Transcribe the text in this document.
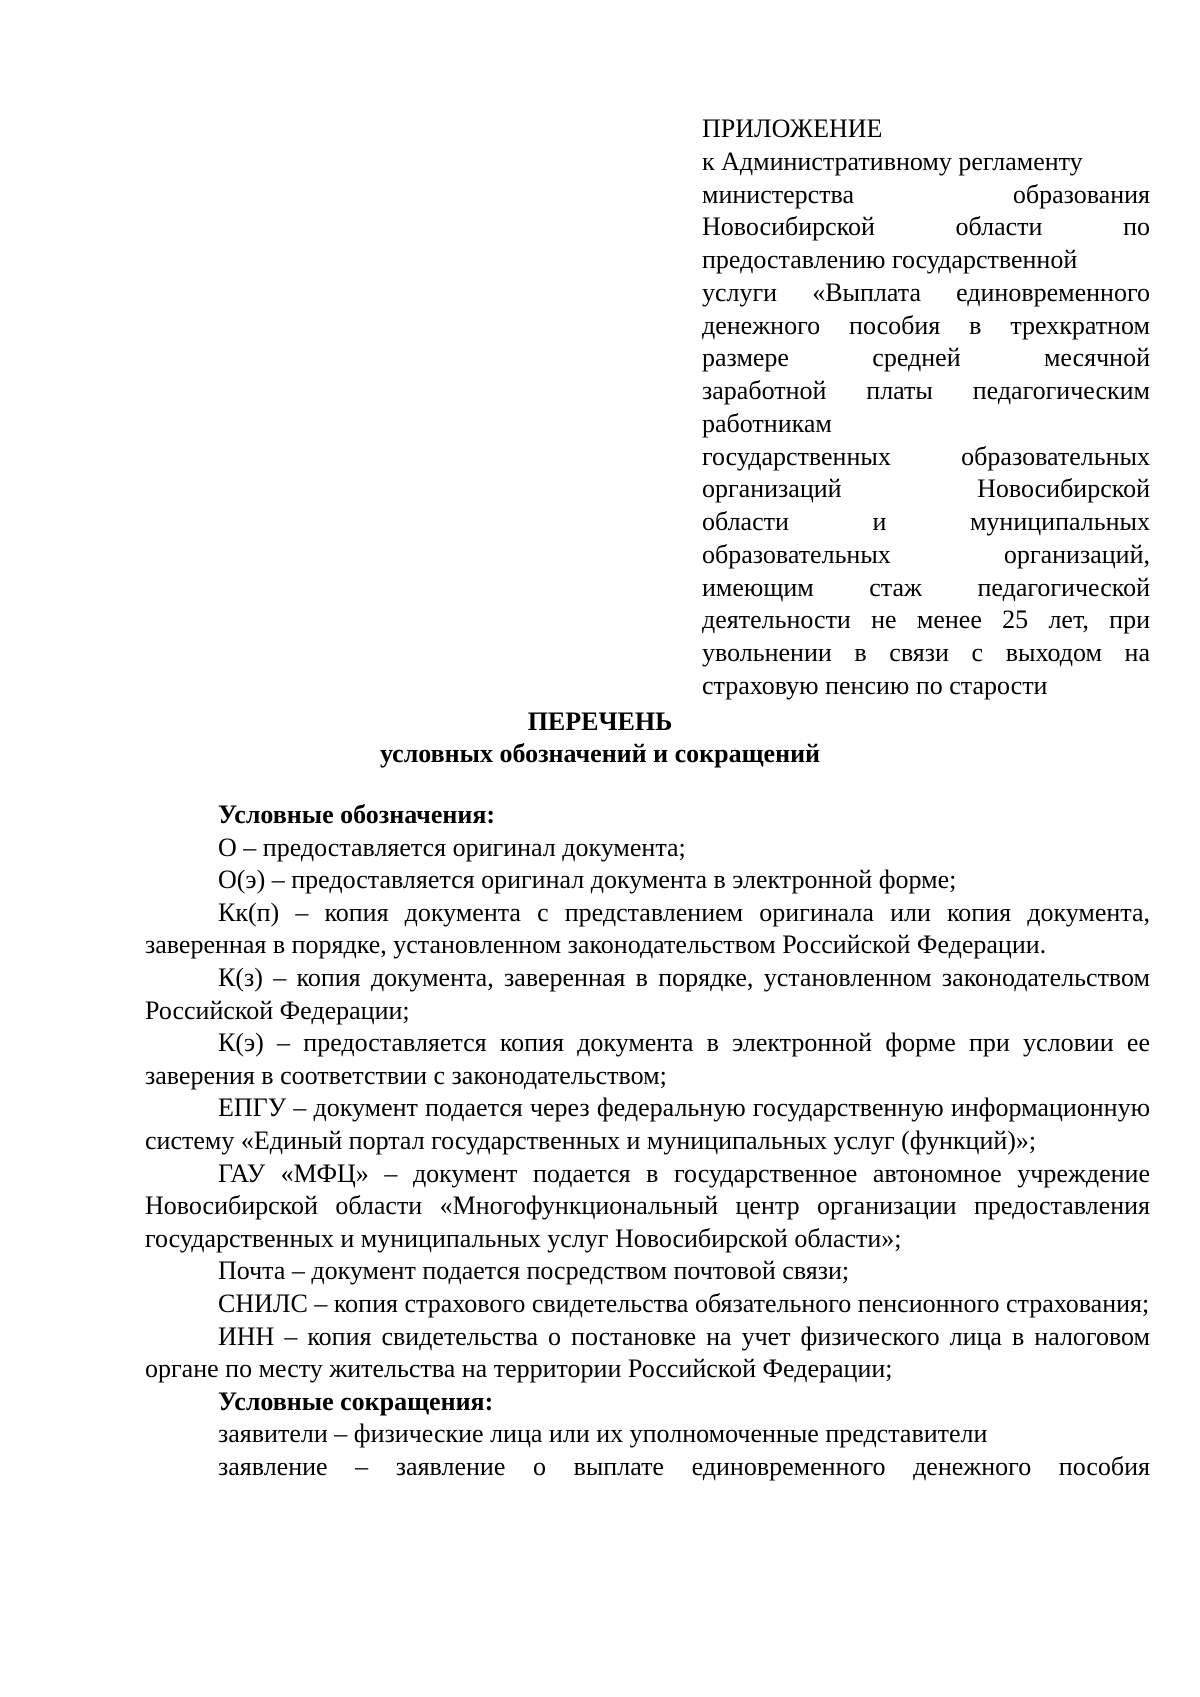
ПРИЛОЖЕНИЕ
к Административному регламенту
министерства образования
Новосибирской области по
предоставлению государственной
услуги «Выплата единовременного
денежного пособия в трехкратном
размере средней месячной
заработной платы педагогическим
работникам
государственных образовательных
организаций Новосибирской
области и муниципальных
образовательных организаций,
имеющим стаж педагогической
деятельности не менее 25 лет, при
увольнении в связи с выходом на
страховую пенсию по старости
ПЕРЕЧЕНЬ
условных обозначений и сокращений

Условные обозначения:

О – предоставляется оригинал документа;

О(э) – предоставляется оригинал документа в электронной форме;

Кк(п) – копия документа с представлением оригинала или копия документа, заверенная в порядке, установленном законодательством Российской Федерации.

К(з) – копия документа, заверенная в порядке, установленном законодательством Российской Федерации;

К(э) – предоставляется копия документа в электронной форме при условии ее заверения в соответствии с законодательством;

ЕПГУ – документ подается через федеральную государственную информационную систему «Единый портал государственных и муниципальных услуг (функций)»;

ГАУ «МФЦ» – документ подается в государственное автономное учреждение Новосибирской области «Многофункциональный центр организации предоставления государственных и муниципальных услуг Новосибирской области»;

Почта – документ подается посредством почтовой связи;

СНИЛС – копия страхового свидетельства обязательного пенсионного страхования;

ИНН – копия свидетельства о постановке на учет физического лица в налоговом органе по месту жительства на территории Российской Федерации;

Условные сокращения:

заявители – физические лица или их уполномоченные представители

заявление – заявление о выплате единовременного денежного пособия
